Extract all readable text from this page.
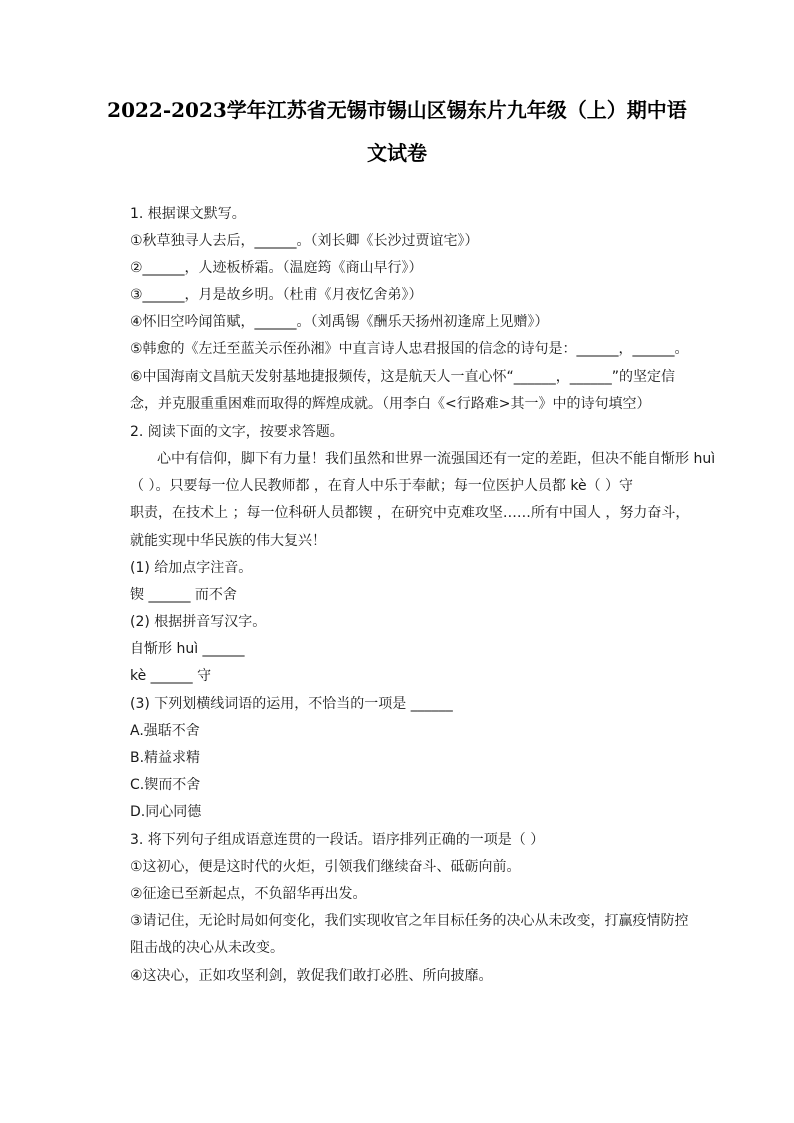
2022-2023学年江苏省无锡市锡山区锡东片九年级（上）期中语
文试卷
1. 根据课文默写。
①秋草独寻人去后，______。（刘长卿《长沙过贾谊宅》）
②______，人迹板桥霜。（温庭筠《商山早行》）
③______，月是故乡明。（杜甫《月夜忆舍弟》）
④怀旧空吟闻笛赋，______。（刘禹锡《酬乐天扬州初逢席上见赠》）
⑤韩愈的《左迁至蓝关示侄孙湘》中直言诗人忠君报国的信念的诗句是：______，______。
⑥中国海南文昌航天发射基地捷报频传，这是航天人一直心怀“______，______”的坚定信
念，并克服重重困难而取得的辉煌成就。（用李白《<行路难>其一》中的诗句填空）
2. 阅读下面的文字，按要求答题。
心中有信仰，脚下有力量！我们虽然和世界一流强国还有一定的差距，但决不能自惭形 huì
（ ）。只要每一位人民教师都 ，在育人中乐于奉献；每一位医护人员都 kè（ ）守
职责，在技术上 ；每一位科研人员都锲 ，在研究中克难攻坚……所有中国人 ，努力奋斗，
就能实现中华民族的伟大复兴！
(1) 给加点字注音。
锲 ______ 而不舍
(2) 根据拼音写汉字。
自惭形 huì ______
kè ______ 守
(3) 下列划横线词语的运用，不恰当的一项是 ______
A.强聒不舍
B.精益求精
C.锲而不舍
D.同心同德
3. 将下列句子组成语意连贯的一段话。语序排列正确的一项是（ ）
①这初心，便是这时代的火炬，引领我们继续奋斗、砥砺向前。
②征途已至新起点，不负韶华再出发。
③请记住，无论时局如何变化，我们实现收官之年目标任务的决心从未改变，打赢疫情防控
阻击战的决心从未改变。
④这决心，正如攻坚利剑，敦促我们敢打必胜、所向披靡。
